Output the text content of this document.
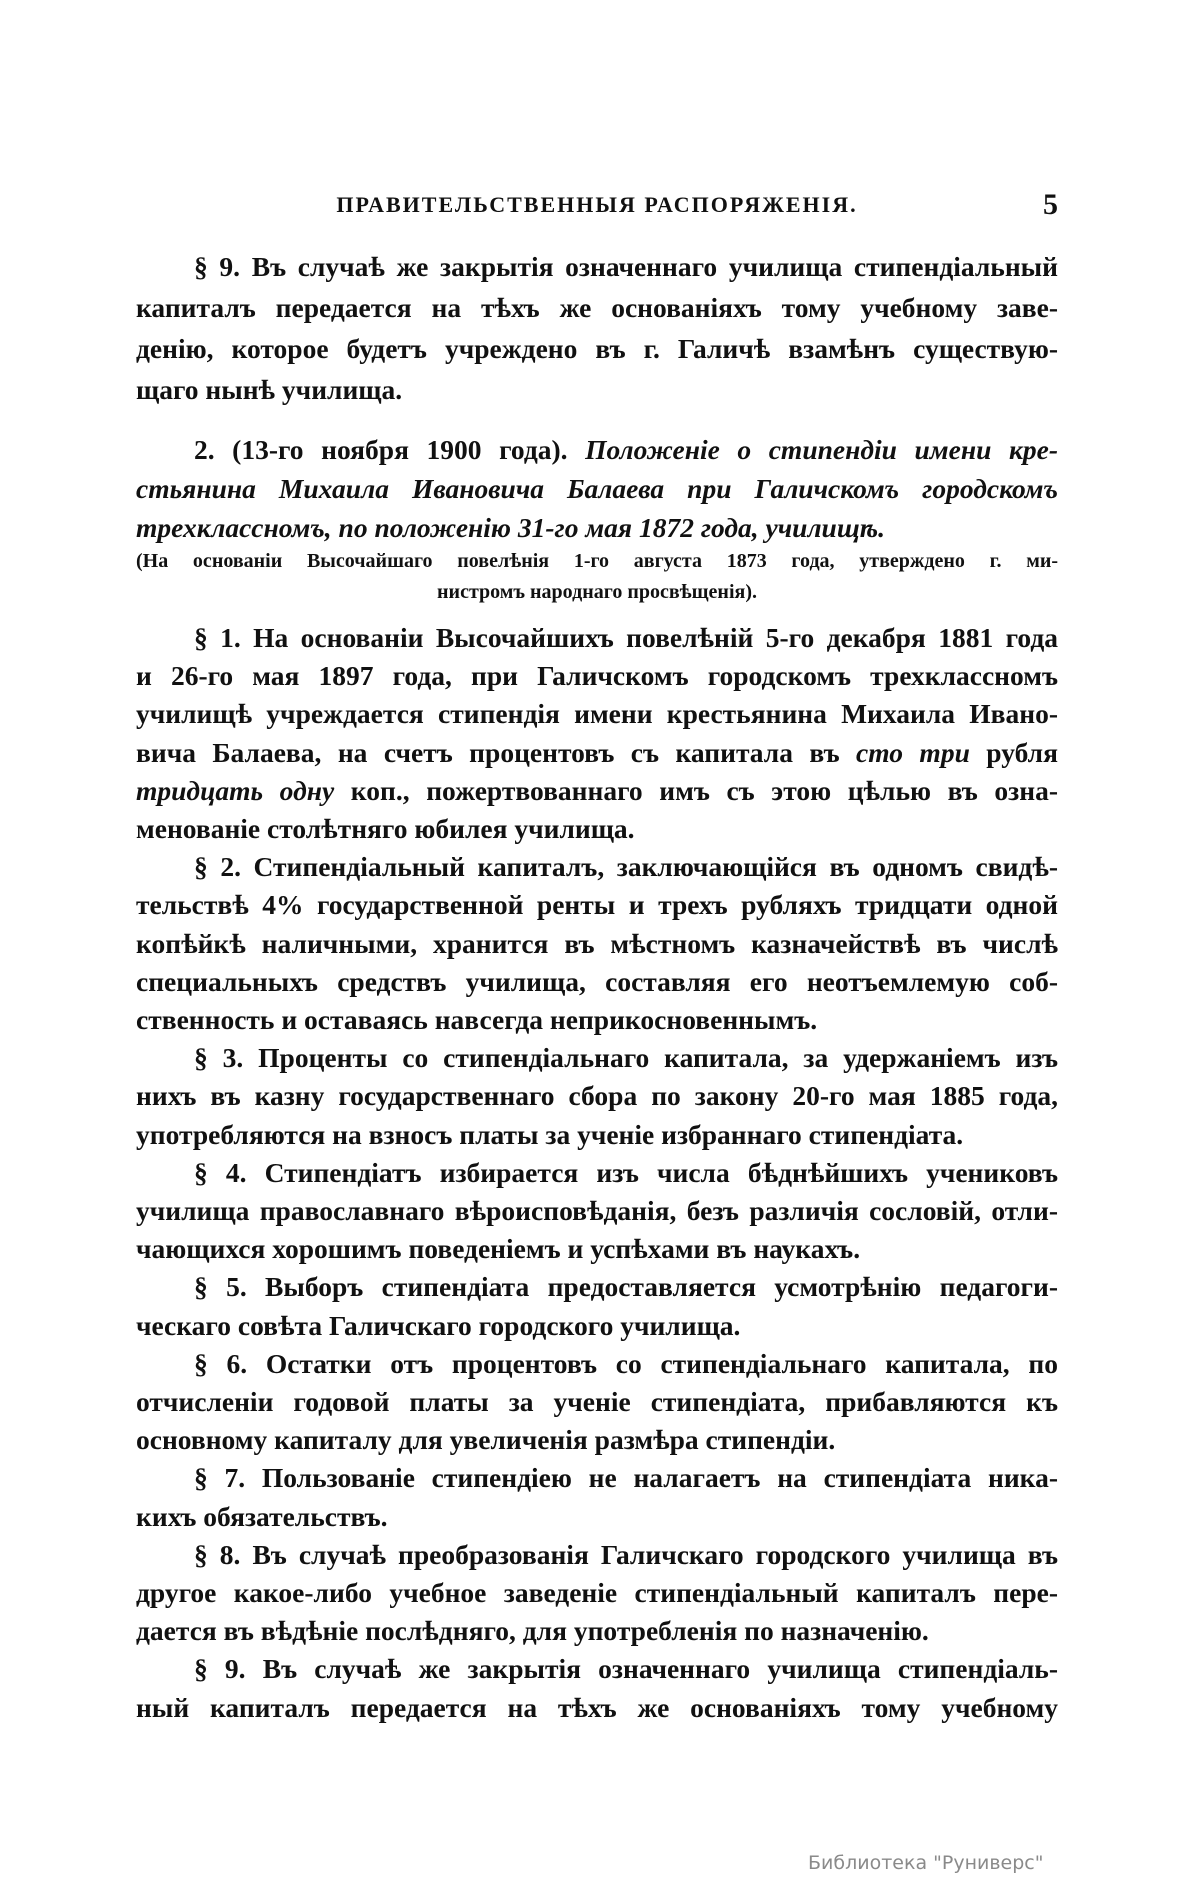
ПРАВИТЕЛЬСТВЕННЫЯ РАСПОРЯЖЕНІЯ.	5
§ 9. Въ случаѣ же закрытія означеннаго училища стипендіальный
капиталъ передается на тѣхъ же основаніяхъ тому учебному заве-
денію, которое будетъ учреждено въ г. Галичѣ взамѣнъ существую-
щаго нынѣ училища.
2. (13-го ноября 1900 года). Положеніе о стипендіи имени кре-
стьянина Михаила Ивановича Балаева при Галичскомъ городскомъ
трехклассномъ, по положенію 31-го мая 1872 года, училищѣ.
(На основаніи Высочайшаго повелѣнія 1-го августа 1873 года, утверждено г. ми-
нистромъ народнаго просвѣщенія).
§ 1. На основаніи Высочайшихъ повелѣній 5-го декабря 1881 года
и 26-го мая 1897 года, при Галичскомъ городскомъ трехклассномъ
училищѣ учреждается стипендія имени крестьянина Михаила Ивано-
вича Балаева, на счетъ процентовъ съ капитала въ сто три рубля
тридцать одну коп., пожертвованнаго имъ съ этою цѣлью въ озна-
менованіе столѣтняго юбилея училища.
§ 2. Стипендіальный капиталъ, заключающійся въ одномъ свидѣ-
тельствѣ 4% государственной ренты и трехъ рубляхъ тридцати одной
копѣйкѣ наличными, хранится въ мѣстномъ казначействѣ въ числѣ
специальныхъ средствъ училища, составляя его неотъемлемую соб-
ственность и оставаясь навсегда неприкосновеннымъ.
§ 3. Проценты со стипендіальнаго капитала, за удержаніемъ изъ
нихъ въ казну государственнаго сбора по закону 20-го мая 1885 года,
употребляются на взносъ платы за ученіе избраннаго стипендіата.
§ 4. Стипендіатъ избирается изъ числа бѣднѣйшихъ учениковъ
училища православнаго вѣроисповѣданія, безъ различія сословій, отли-
чающихся хорошимъ поведеніемъ и успѣхами въ наукахъ.
§ 5. Выборъ стипендіата предоставляется усмотрѣнію педагоги-
ческаго совѣта Галичскаго городского училища.
§ 6. Остатки отъ процентовъ со стипендіальнаго капитала, по
отчисленіи годовой платы за ученіе стипендіата, прибавляются къ
основному капиталу для увеличенія размѣра стипендіи.
§ 7. Пользованіе стипендіею не налагаетъ на стипендіата ника-
кихъ обязательствъ.
§ 8. Въ случаѣ преобразованія Галичскаго городского училища въ
другое какое-либо учебное заведеніе стипендіальный капиталъ пере-
дается въ вѣдѣніе послѣдняго, для употребленія по назначенію.
§ 9. Въ случаѣ же закрытія означеннаго училища стипендіаль-
ный капиталъ передается на тѣхъ же основаніяхъ тому учебному
Библиотека "Руниверс"
